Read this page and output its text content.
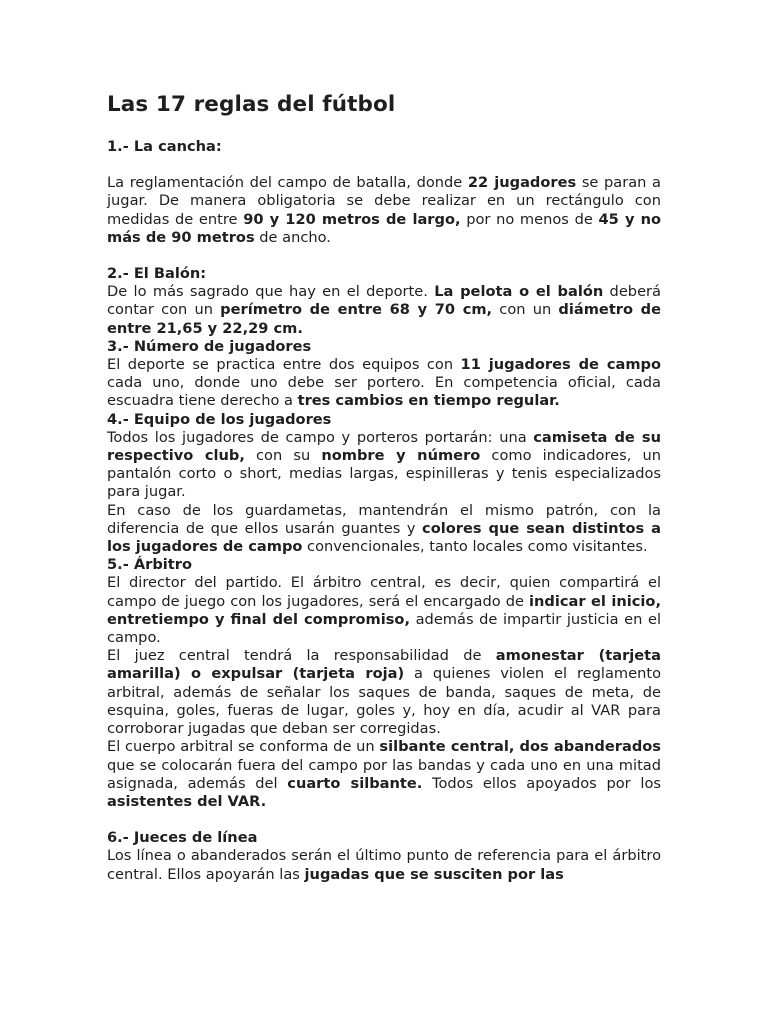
Las 17 reglas del fútbol

1.- La cancha:

La reglamentación del campo de batalla, donde 22 jugadores se paran a jugar. De manera obligatoria se debe realizar en un rectángulo con medidas de entre 90 y 120 metros de largo, por no menos de 45 y no más de 90 metros de ancho.

2.- El Balón:

De lo más sagrado que hay en el deporte. La pelota o el balón deberá contar con un perímetro de entre 68 y 70 cm, con un diámetro de entre 21,65 y 22,29 cm.

3.- Número de jugadores

El deporte se practica entre dos equipos con 11 jugadores de campo cada uno, donde uno debe ser portero. En competencia oficial, cada escuadra tiene derecho a tres cambios en tiempo regular.

4.- Equipo de los jugadores

Todos los jugadores de campo y porteros portarán: una camiseta de su respectivo club, con su nombre y número como indicadores, un pantalón corto o short, medias largas, espinilleras y tenis especializados para jugar.

En caso de los guardametas, mantendrán el mismo patrón, con la diferencia de que ellos usarán guantes y colores que sean distintos a los jugadores de campo convencionales, tanto locales como visitantes.

5.- Árbitro

El director del partido. El árbitro central, es decir, quien compartirá el campo de juego con los jugadores, será el encargado de indicar el inicio, entretiempo y final del compromiso, además de impartir justicia en el campo.

El juez central tendrá la responsabilidad de amonestar (tarjeta amarilla) o expulsar (tarjeta roja) a quienes violen el reglamento arbitral, además de señalar los saques de banda, saques de meta, de esquina, goles, fueras de lugar, goles y, hoy en día, acudir al VAR para corroborar jugadas que deban ser corregidas.

El cuerpo arbitral se conforma de un silbante central, dos abanderados que se colocarán fuera del campo por las bandas y cada uno en una mitad asignada, además del cuarto silbante. Todos ellos apoyados por los asistentes del VAR.

6.- Jueces de línea

Los línea o abanderados serán el último punto de referencia para el árbitro central. Ellos apoyarán las jugadas que se susciten por las
